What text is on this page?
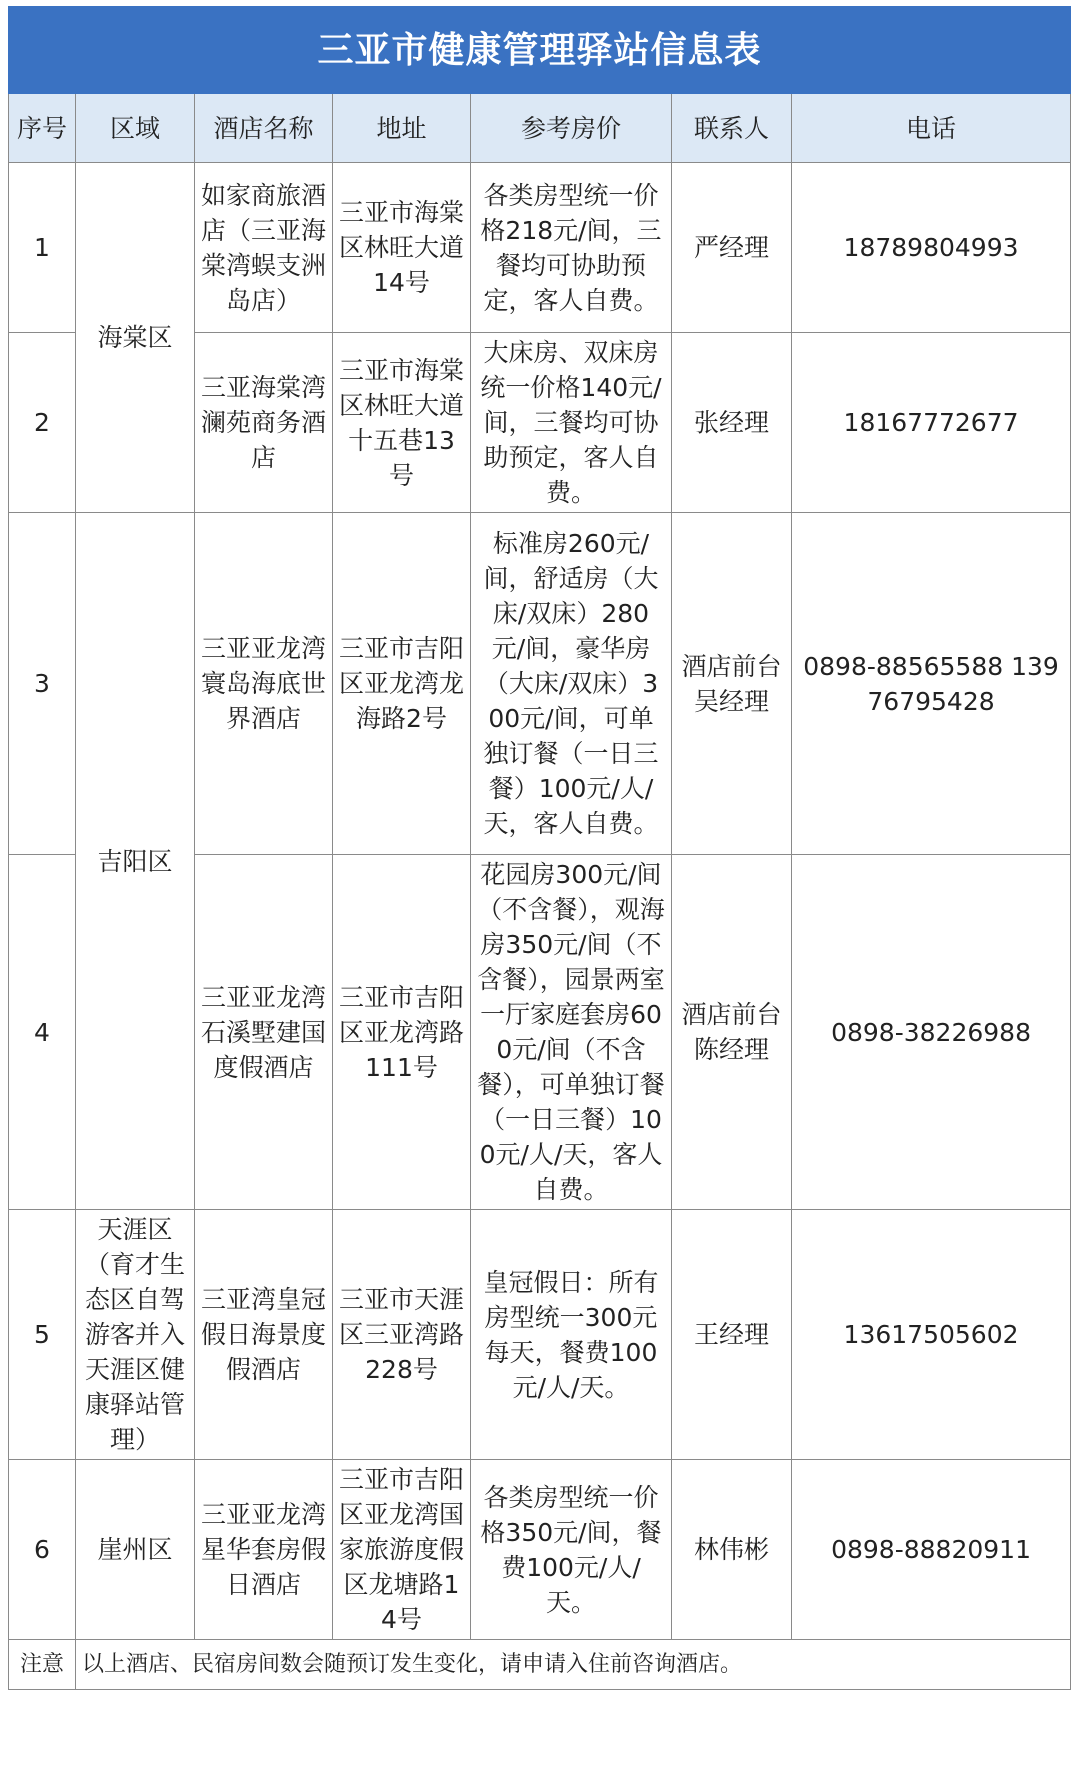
三亚市健康管理驿站信息表						
序号	区域	酒店名称	地址	参考房价	联系人	电话
1	海棠区	如家商旅酒店（三亚海棠湾蜈支洲岛店）	三亚市海棠区林旺大道14号	各类房型统一价格218元/间，三餐均可协助预定，客人自费。	严经理	18789804993
2		三亚海棠湾澜苑商务酒店	三亚市海棠区林旺大道十五巷13号	大床房、双床房统一价格140元/间，三餐均可协助预定，客人自费。	张经理	18167772677
3	吉阳区	三亚亚龙湾寰岛海底世界酒店	三亚市吉阳区亚龙湾龙海路2号	标准房260元/间，舒适房（大床/双床）280元/间，豪华房（大床/双床）300元/间，可单独订餐（一日三餐）100元/人/天，客人自费。	酒店前台吴经理	0898-88565588 13976795428
4		三亚亚龙湾石溪墅建国度假酒店	三亚市吉阳区亚龙湾路111号	花园房300元/间（不含餐），观海房350元/间（不含餐），园景两室一厅家庭套房600元/间（不含餐），可单独订餐（一日三餐）100元/人/天，客人自费。	酒店前台陈经理	0898-38226988
5	天涯区（育才生态区自驾游客并入天涯区健康驿站管理）	三亚湾皇冠假日海景度假酒店	三亚市天涯区三亚湾路228号	皇冠假日：所有房型统一300元每天，餐费100元/人/天。	王经理	13617505602
6	崖州区	三亚亚龙湾星华套房假日酒店	三亚市吉阳区亚龙湾国家旅游度假区龙塘路14号	各类房型统一价格350元/间，餐费100元/人/天。	林伟彬	0898-88820911
注意	以上酒店、民宿房间数会随预订发生变化，请申请入住前咨询酒店。					
